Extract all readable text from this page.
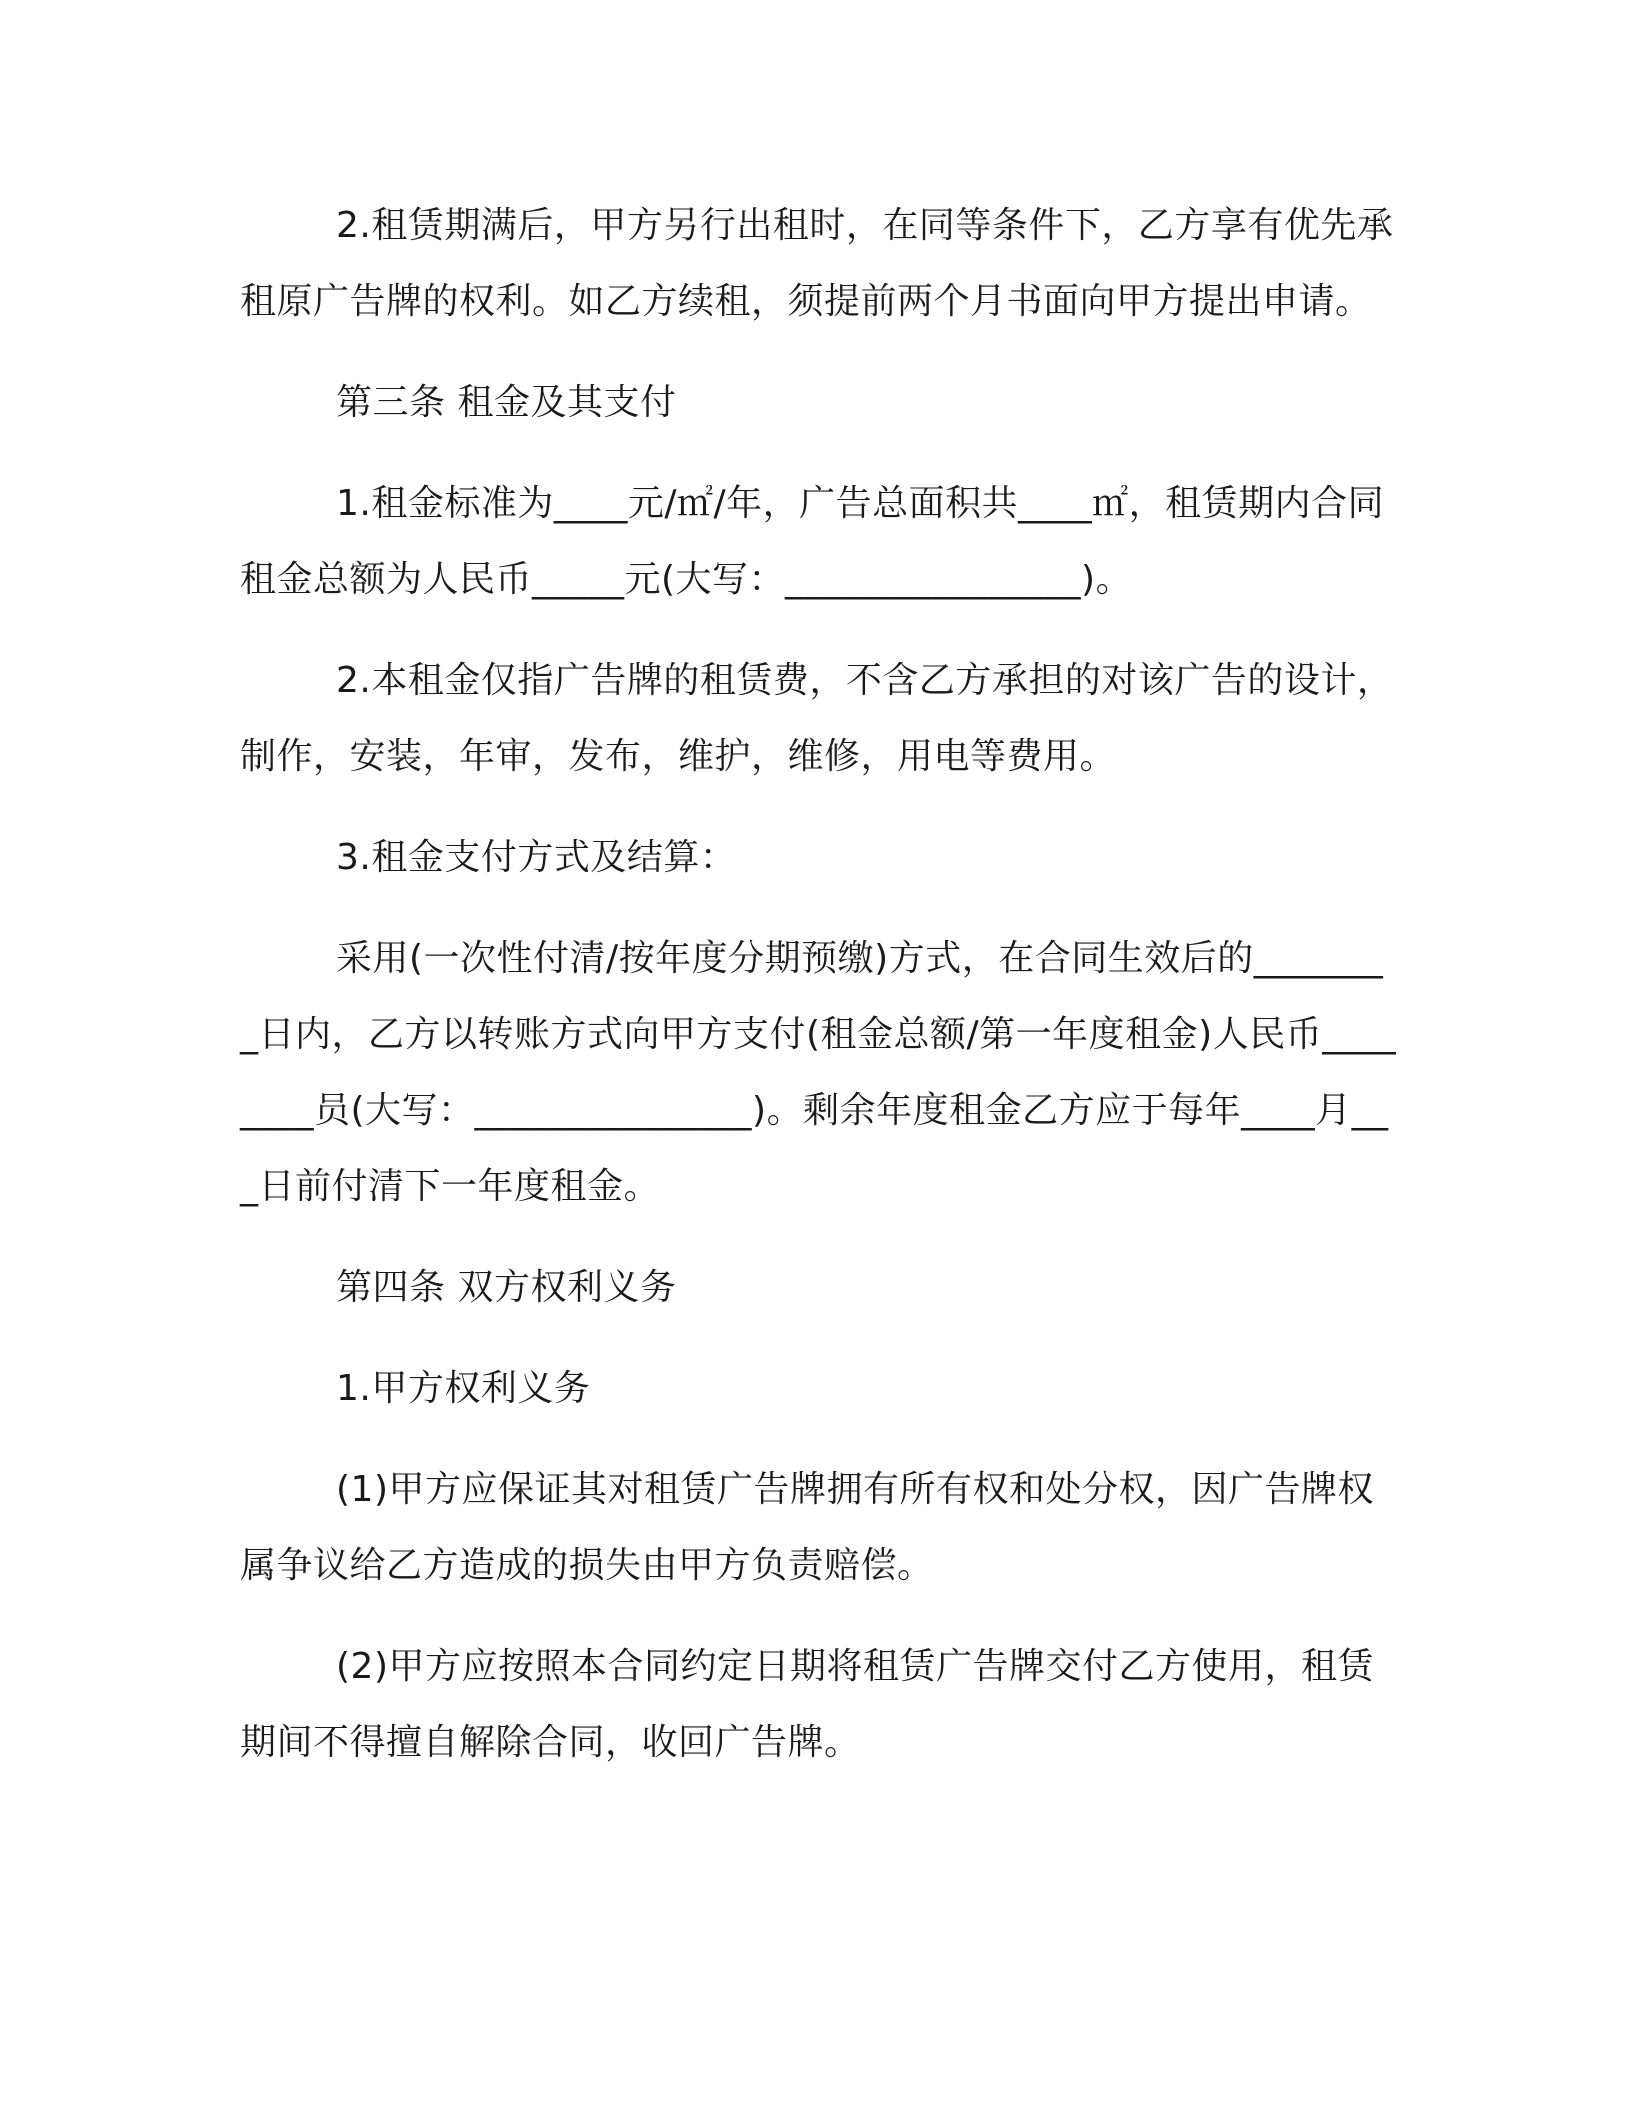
2.租赁期满后，甲方另行出租时，在同等条件下，乙方享有优先承租原广告牌的权利。如乙方续租，须提前两个月书面向甲方提出申请。

第三条 租金及其支付

1.租金标准为____元/㎡/年，广告总面积共____㎡，租赁期内合同租金总额为人民币_____元(大写：________________)。

2.本租金仅指广告牌的租赁费，不含乙方承担的对该广告的设计，制作，安装，年审，发布，维护，维修，用电等费用。

3.租金支付方式及结算：

采用(一次性付清/按年度分期预缴)方式，在合同生效后的________日内，乙方以转账方式向甲方支付(租金总额/第一年度租金)人民币________员(大写：_______________)。剩余年度租金乙方应于每年____月___日前付清下一年度租金。

第四条 双方权利义务

1.甲方权利义务

(1)甲方应保证其对租赁广告牌拥有所有权和处分权，因广告牌权属争议给乙方造成的损失由甲方负责赔偿。

(2)甲方应按照本合同约定日期将租赁广告牌交付乙方使用，租赁期间不得擅自解除合同，收回广告牌。
